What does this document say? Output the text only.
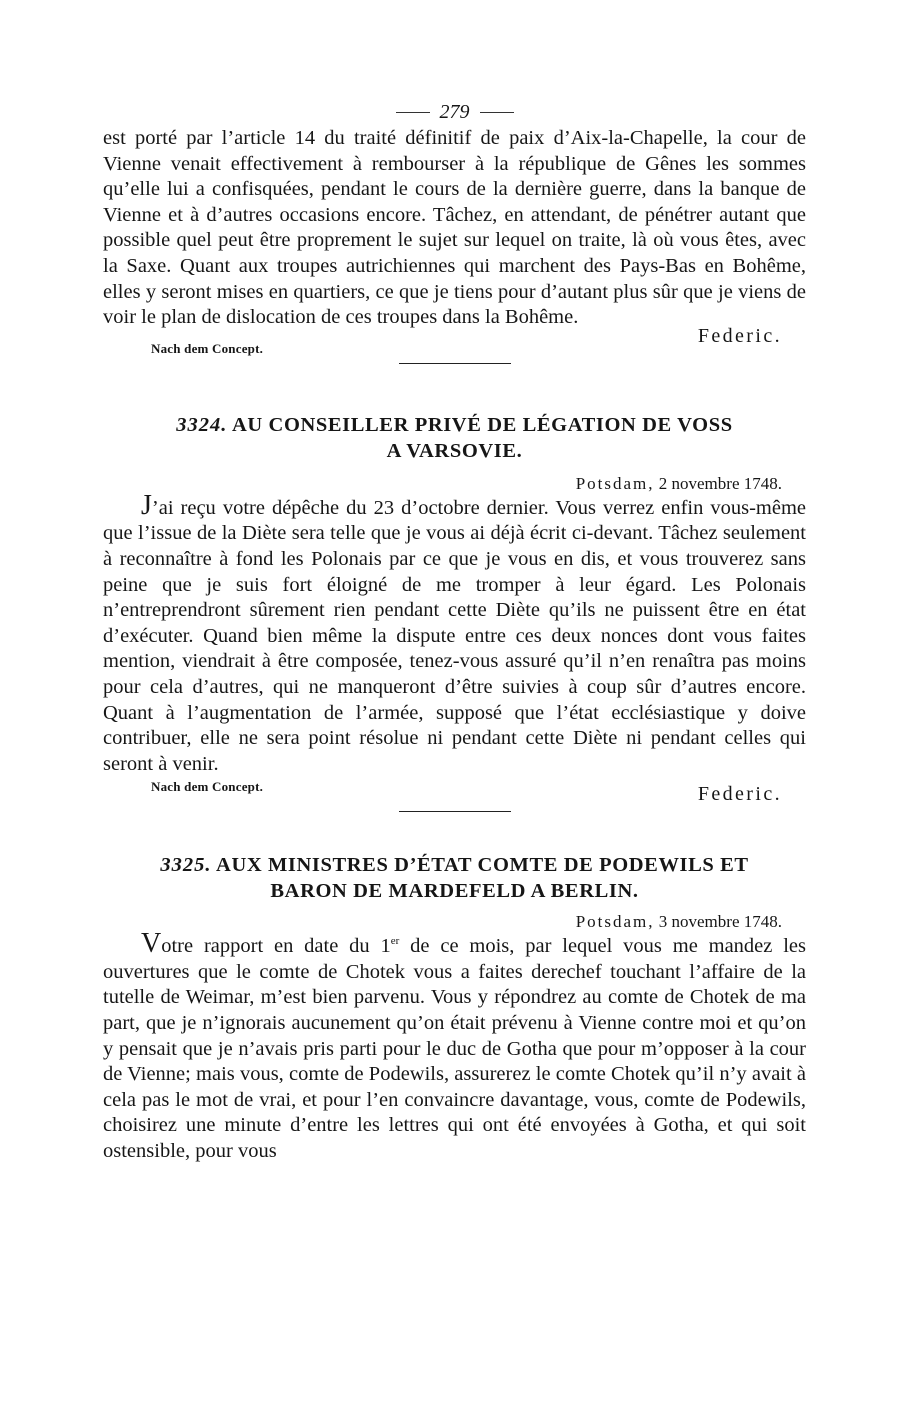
279

est porté par l’article 14 du traité définitif de paix d’Aix-la-Chapelle, la cour de Vienne venait effectivement à rembourser à la république de Gênes les sommes qu’elle lui a confisquées, pendant le cours de la dernière guerre, dans la banque de Vienne et à d’autres occasions encore. Tâchez, en attendant, de pénétrer autant que possible quel peut être proprement le sujet sur lequel on traite, là où vous êtes, avec la Saxe. Quant aux troupes autrichiennes qui marchent des Pays-Bas en Bohême, elles y seront mises en quartiers, ce que je tiens pour d’autant plus sûr que je viens de voir le plan de dislocation de ces troupes dans la Bohême.

Nach dem Concept.
Federic.
3324. AU CONSEILLER PRIVÉ DE LÉGATION DE VOSS
A VARSOVIE.
Potsdam, 2 novembre 1748.

J’ai reçu votre dépêche du 23 d’octobre dernier. Vous verrez enfin vous-même que l’issue de la Diète sera telle que je vous ai déjà écrit ci-devant. Tâchez seulement à reconnaître à fond les Polonais par ce que je vous en dis, et vous trouverez sans peine que je suis fort éloigné de me tromper à leur égard. Les Polonais n’entreprendront sûrement rien pendant cette Diète qu’ils ne puissent être en état d’exécuter. Quand bien même la dispute entre ces deux nonces dont vous faites mention, viendrait à être composée, tenez-vous assuré qu’il n’en renaîtra pas moins pour cela d’autres, qui ne manqueront d’être suivies à coup sûr d’autres encore. Quant à l’augmentation de l’armée, supposé que l’état ecclésiastique y doive contribuer, elle ne sera point résolue ni pendant cette Diète ni pendant celles qui seront à venir.

Nach dem Concept.	Federic.
3325. AUX MINISTRES D’ÉTAT COMTE DE PODEWILS ET
BARON DE MARDEFELD A BERLIN.
Potsdam, 3 novembre 1748.

Votre rapport en date du 1er de ce mois, par lequel vous me mandez les ouvertures que le comte de Chotek vous a faites derechef touchant l’affaire de la tutelle de Weimar, m’est bien parvenu. Vous y répondrez au comte de Chotek de ma part, que je n’ignorais aucunement qu’on était prévenu à Vienne contre moi et qu’on y pensait que je n’avais pris parti pour le duc de Gotha que pour m’opposer à la cour de Vienne; mais vous, comte de Podewils, assurerez le comte Chotek qu’il n’y avait à cela pas le mot de vrai, et pour l’en convaincre davantage, vous, comte de Podewils, choisirez une minute d’entre les lettres qui ont été envoyées à Gotha, et qui soit ostensible, pour vous
